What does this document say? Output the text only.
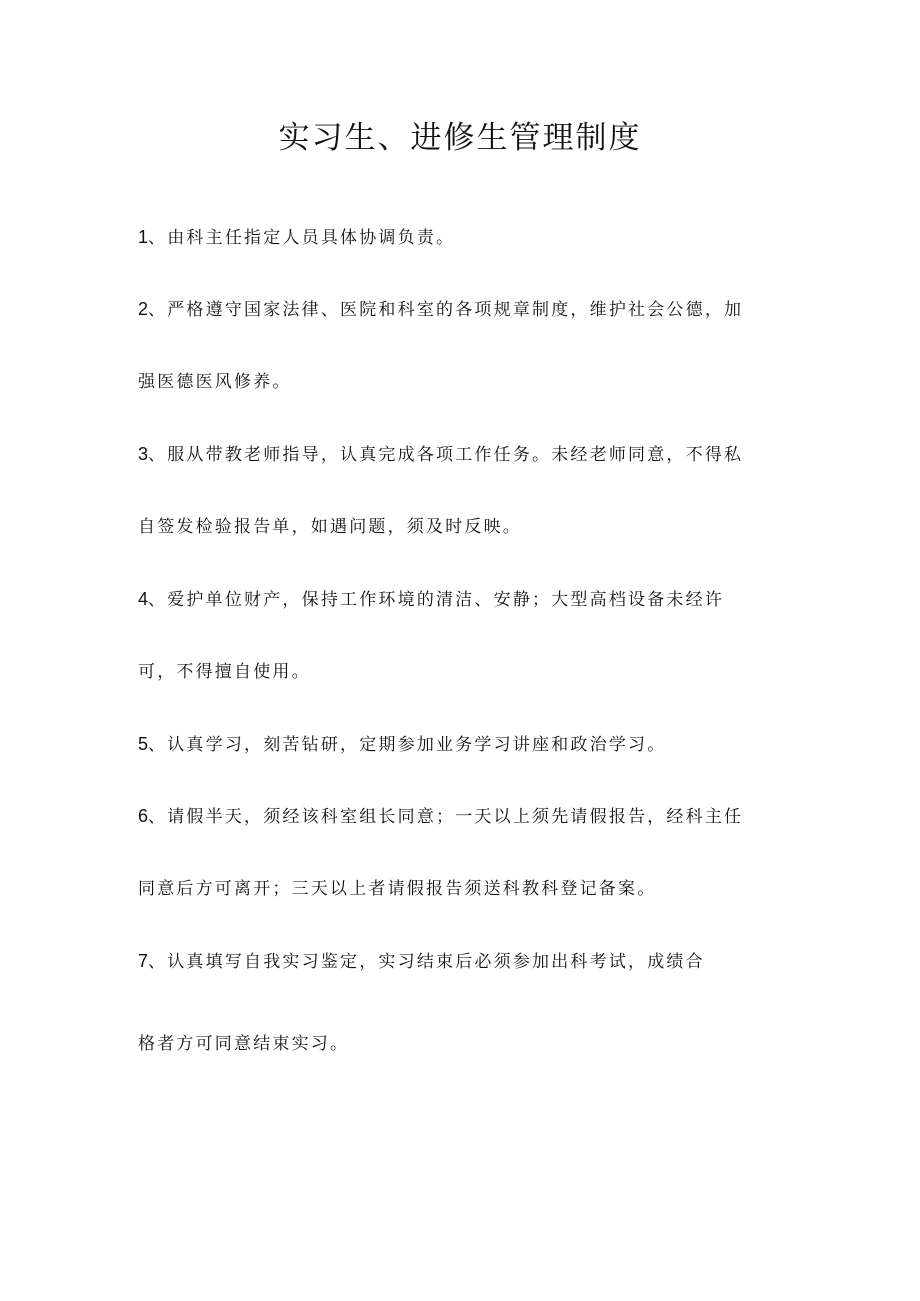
实习生、进修生管理制度

1、由科主任指定人员具体协调负责。

2、严格遵守国家法律、医院和科室的各项规章制度，维护社会公德，加

强医德医风修养。

3、服从带教老师指导，认真完成各项工作任务。未经老师同意，不得私

自签发检验报告单，如遇问题，须及时反映。

4、爱护单位财产，保持工作环境的清洁、安静；大型高档设备未经许

可，不得擅自使用。

5、认真学习，刻苦钻研，定期参加业务学习讲座和政治学习。

6、请假半天，须经该科室组长同意；一天以上须先请假报告，经科主任

同意后方可离开；三天以上者请假报告须送科教科登记备案。

7、认真填写自我实习鉴定，实习结束后必须参加出科考试，成绩合

格者方可同意结束实习。
